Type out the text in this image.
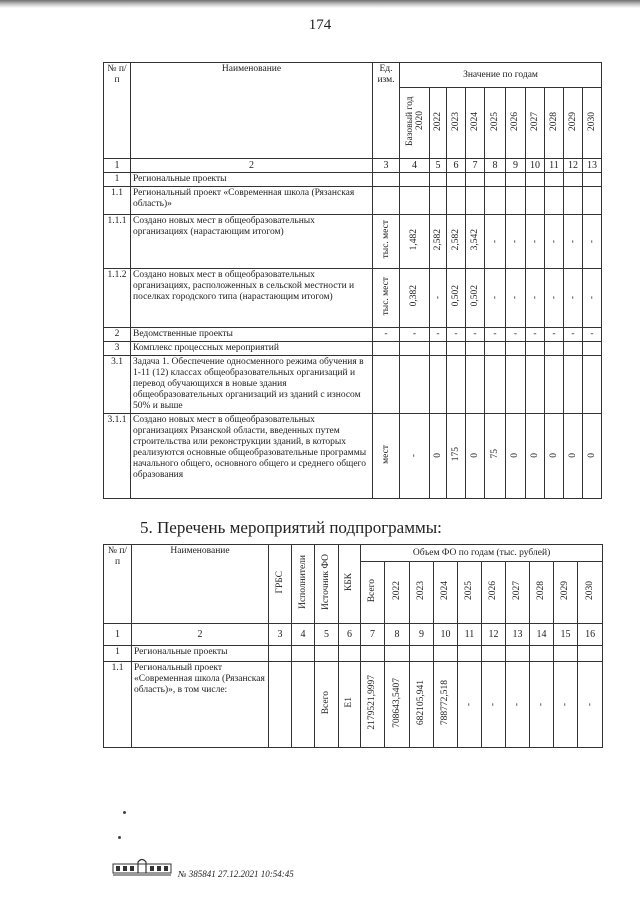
174
№ п/ п	Наименование	Ед. изм.	Значение по годам									
			Базовый год 2020	2022	2023	2024	2025	2026	2027	2028	2029	2030
1	2	3	4	5	6	7	8	9	10	11	12	13
1	Региональные проекты											
1.1	Региональный проект «Современная школа (Рязанская область)»											
1.1.1	Создано новых мест в общеобразовательных организациях (нарастающим итогом)	тыс. мест	1,482	2,582	2,582	3,542	-	-	-	-	-	-
1.1.2	Создано новых мест в общеобразовательных организациях, расположенных в сельской местности и поселках городского типа (нарастающим итогом)	тыс. мест	0,382	-	0,502	0,502	-	-	-	-	-	-
2	Ведомственные проекты	-	-	-	-	-	-	-	-	-	-	-
3	Комплекс процессных мероприятий											
3.1	Задача 1. Обеспечение односменного режима обучения в 1-11 (12) классах общеобразовательных организаций и перевод обучающихся в новые здания общеобразовательных организаций из зданий с износом 50% и выше											
3.1.1	Создано новых мест в общеобразовательных организациях Рязанской области, введенных путем строительства или реконструкции зданий, в которых реализуются основные общеобразовательные программы начального общего, основного общего и среднего общего образования	мест	-	0	175	0	75	0	0	0	0	0
5. Перечень мероприятий подпрограммы:
№ п/п	Наименование	ГРБС	Исполнители	Источник ФО	КБК	Объем ФО по годам (тыс. рублей)									
						Всего	2022	2023	2024	2025	2026	2027	2028	2029	2030
1	2	3	4	5	6	7	8	9	10	11	12	13	14	15	16
1	Региональные проекты														
1.1	Региональный проект «Современная школа (Рязанская область)», в том числе:			Всего	Е1	2179521,9997	708643,5407	682105,941	788772,518	-	-	-	-	-	-
№ 385841 27.12.2021 10:54:45
